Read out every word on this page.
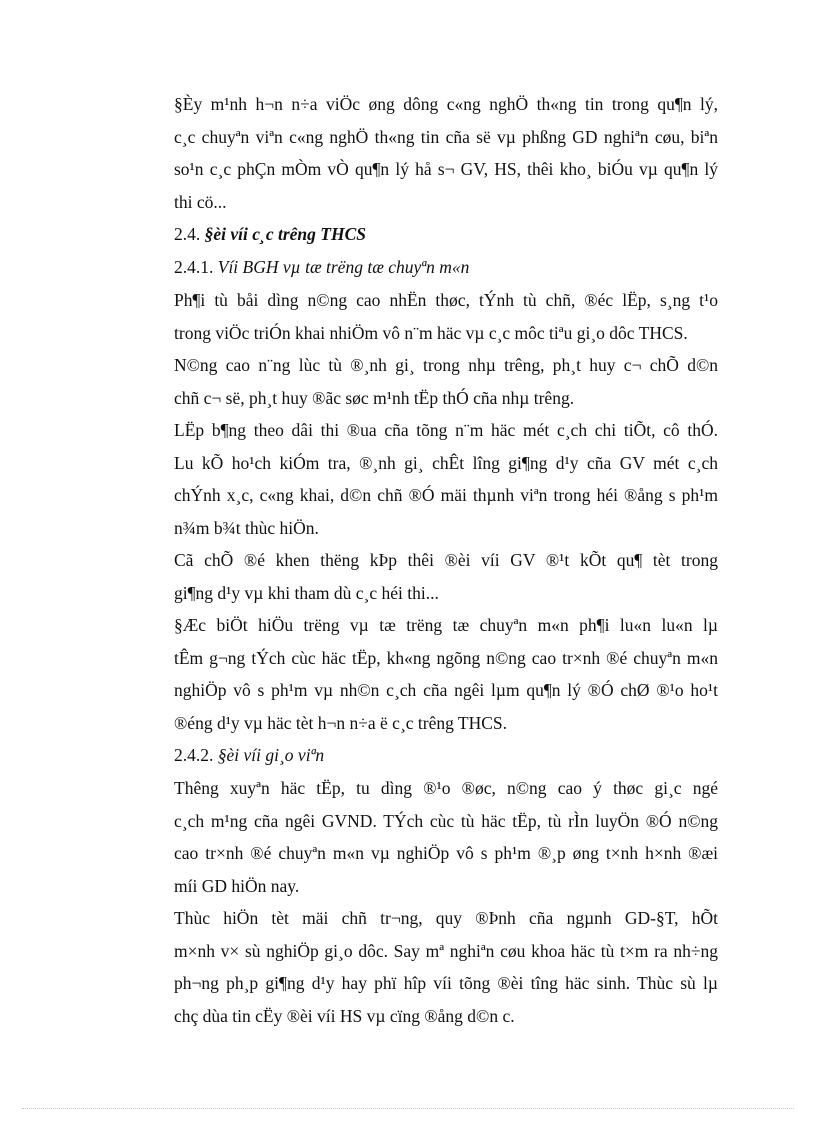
§Èy m¹nh h¬n n÷a viÖc øng dông c«ng nghÖ th«ng tin trong qu¶n lý,
c¸c chuyªn viªn c«ng nghÖ th«ng tin cña së vµ phßng GD nghiªn cøu, biªn
so¹n c¸c phÇn mÒm vÒ qu¶n lý hå s¬ GV, HS, thêi kho¸ biÓu vµ qu¶n lý
thi cö...
2.4. §èi víi c¸c trêng THCS
2.4.1. Víi BGH vµ tæ trëng tæ chuyªn m«n
Ph¶i tù båi dìng n©ng cao nhËn thøc, tÝnh tù chñ, ®éc lËp, s¸ng t¹o
trong viÖc triÓn khai nhiÖm vô n¨m häc vµ c¸c môc tiªu gi¸o dôc THCS.
N©ng cao n¨ng lùc tù ®¸nh gi¸ trong nhµ trêng, ph¸t huy c¬ chÕ d©n
chñ c¬ së, ph¸t huy ®ãc søc m¹nh tËp thÓ cña nhµ trêng.
LËp b¶ng theo dâi thi ®ua cña tõng n¨m häc mét c¸ch chi tiÕt, cô thÓ.
Lu kÕ ho¹ch kiÓm tra, ®¸nh gi¸ chÊt lîng gi¶ng d¹y cña GV mét c¸ch
chÝnh x¸c, c«ng khai, d©n chñ ®Ó mäi thµnh viªn trong héi ®ång s ph¹m
n¾m b¾t thùc hiÖn.
Cã chÕ ®é khen thëng kÞp thêi ®èi víi GV ®¹t kÕt qu¶ tèt trong
gi¶ng d¹y vµ khi tham dù c¸c héi thi...
§Æc biÖt hiÖu trëng vµ tæ trëng tæ chuyªn m«n ph¶i lu«n lu«n lµ
tÊm g¬ng tÝch cùc häc tËp, kh«ng ngõng n©ng cao tr×nh ®é chuyªn m«n
nghiÖp vô s ph¹m vµ nh©n c¸ch cña ngêi lµm qu¶n lý ®Ó chØ ®¹o ho¹t
®éng d¹y vµ häc tèt h¬n n÷a ë c¸c trêng THCS.
2.4.2. §èi víi gi¸o viªn
Thêng xuyªn häc tËp, tu dìng ®¹o ®øc, n©ng cao ý thøc gi¸c ngé
c¸ch m¹ng cña ngêi GVND. TÝch cùc tù häc tËp, tù rÌn luyÖn ®Ó n©ng
cao tr×nh ®é chuyªn m«n vµ nghiÖp vô s ph¹m ®¸p øng t×nh h×nh ®æi
míi GD hiÖn nay.
Thùc hiÖn tèt mäi chñ tr¬ng, quy ®Þnh cña ngµnh GD-§T, hÕt
m×nh v× sù nghiÖp gi¸o dôc. Say mª nghiªn cøu khoa häc tù t×m ra nh÷ng
ph¬ng ph¸p gi¶ng d¹y hay phï hîp víi tõng ®èi tîng häc sinh. Thùc sù lµ
chç dùa tin cËy ®èi víi HS vµ cïng ®ång d©n c.
